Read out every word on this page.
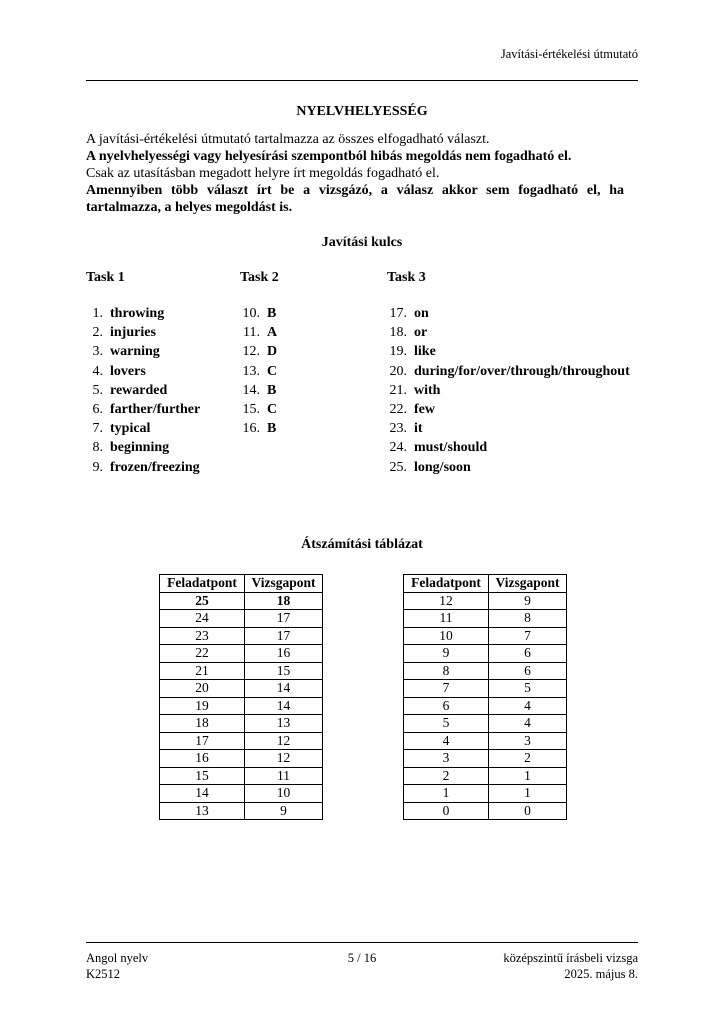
Javítási-értékelési útmutató
NYELVHELYESSÉG

A javítási-értékelési útmutató tartalmazza az összes elfogadható választ.

A nyelvhelyességi vagy helyesírási szempontból hibás megoldás nem fogadható el.

Csak az utasításban megadott helyre írt megoldás fogadható el.

Amennyiben több választ írt be a vizsgázó, a válasz akkor sem fogadható el, ha tartalmazza, a helyes megoldást is.

Javítási kulcs
Task 1
1. throwing
2. injuries
3. warning
4. lovers
5. rewarded
6. farther/further
7. typical
8. beginning
9. frozen/freezing
Task 2
10. B
11. A
12. D
13. C
14. B
15. C
16. B
Task 3
17. on
18. or
19. like
20. during/for/over/through/throughout
21. with
22. few
23. it
24. must/should
25. long/soon
Átszámítási táblázat
Feladatpont	Vizsgapont
25	18
24	17
23	17
22	16
21	15
20	14
19	14
18	13
17	12
16	12
15	11
14	10
13	9
Feladatpont	Vizsgapont
12	9
11	8
10	7
9	6
8	6
7	5
6	4
5	4
4	3
3	2
2	1
1	1
0	0
Angol nyelv
K2512
5 / 16	középszintű írásbeli vizsga
2025. május 8.
